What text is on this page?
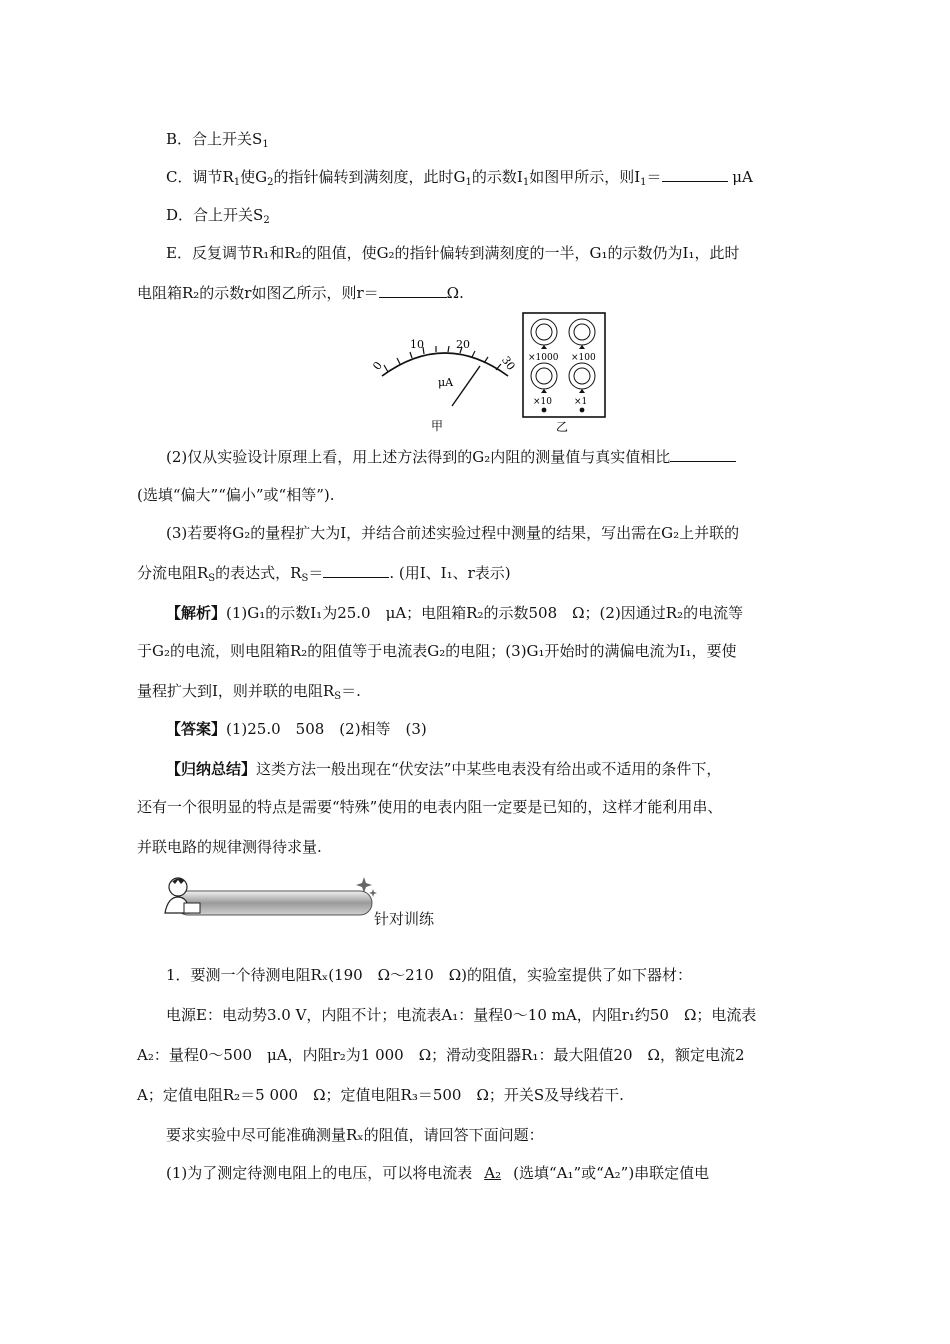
B．合上开关$S_1$
C．调节$R_1$使$G_2$的指针偏转到满刻度，此时$G_1$的示数$I_1$如图甲所示，则$I_1=$	μA
D．合上开关$S_2$
E．反复调节R₁和R₂的阻值，使G₂的指针偏转到满刻度的一半，G₁的示数仍为I₁，此时
电阻箱R₂的示数r如图乙所示，则r＝	Ω.
0
10	20
30
μA
甲
×1000 ×100
×10 ×1
乙
(2)仅从实验设计原理上看，用上述方法得到的G₂内阻的测量值与真实值相比
(选填“偏大”“偏小”或“相等”).
(3)若要将G₂的量程扩大为I，并结合前述实验过程中测量的结果，写出需在G₂上并联的
分流电阻$R_S$的表达式，$R_S=$	. (用I、I₁、r表示)
【解析】(1)G₁的示数I₁为25.0　μA；电阻箱R₂的示数508　Ω；(2)因通过R₂的电流等
于G₂的电流，则电阻箱R₂的阻值等于电流表G₂的电阻；(3)G₁开始时的满偏电流为I₁，要使
量程扩大到I，则并联的电阻$R_S=$.
【答案】(1)25.0　508　(2)相等　(3)
【归纳总结】这类方法一般出现在“伏安法”中某些电表没有给出或不适用的条件下，
还有一个很明显的特点是需要“特殊”使用的电表内阻一定要是已知的，这样才能利用串、
并联电路的规律测得待求量.
针对训练
1．要测一个待测电阻Rₓ(190　Ω～210　Ω)的阻值，实验室提供了如下器材：
电源E：电动势3.0 V，内阻不计；电流表A₁：量程0～10 mA，内阻r₁约50　Ω；电流表
A₂：量程0～500　μA，内阻r₂为1 000　Ω；滑动变阻器R₁：最大阻值20　Ω，额定电流2
A；定值电阻R₂＝5 000　Ω；定值电阻R₃＝500　Ω；开关S及导线若干.
要求实验中尽可能准确测量Rₓ的阻值，请回答下面问题：
(1)为了测定待测电阻上的电压，可以将电流表 A₂ (选填“A₁”或“A₂”)串联定值电
